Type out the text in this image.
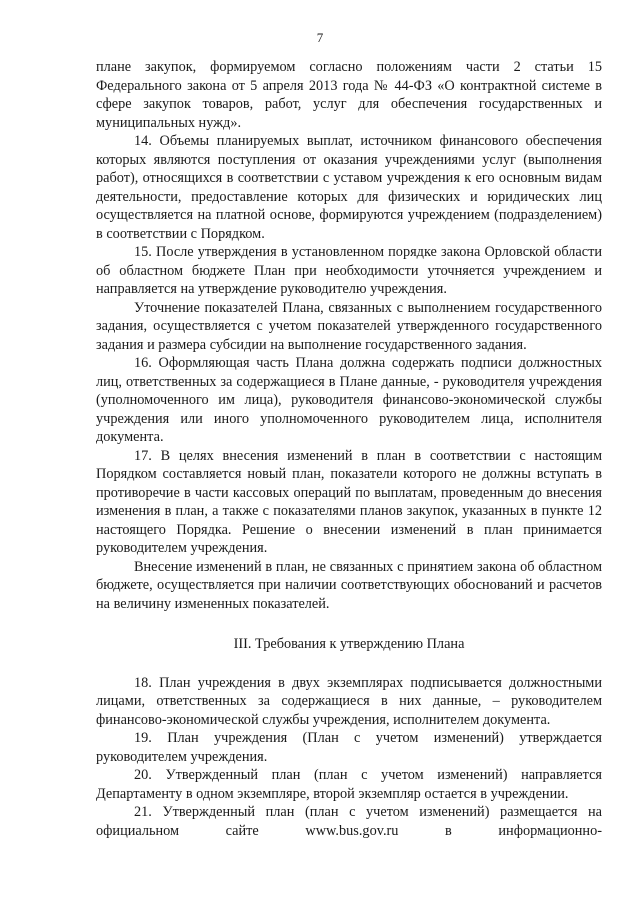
7

плане закупок, формируемом согласно положениям части 2 статьи 15 Федерального закона от 5 апреля 2013 года № 44-ФЗ «О контрактной системе в сфере закупок товаров, работ, услуг для обеспечения государственных и муниципальных нужд».

14. Объемы планируемых выплат, источником финансового обеспечения которых являются поступления от оказания учреждениями услуг (выполнения работ), относящихся в соответствии с уставом учреждения к его основным видам деятельности, предоставление которых для физических и юридических лиц осуществляется на платной основе, формируются учреждением (подразделением) в соответствии с Порядком.

15. После утверждения в установленном порядке закона Орловской области об областном бюджете План при необходимости уточняется учреждением и направляется на утверждение руководителю учреждения.

Уточнение показателей Плана, связанных с выполнением государственного задания, осуществляется с учетом показателей утвержденного государственного задания и размера субсидии на выполнение государственного задания.

16. Оформляющая часть Плана должна содержать подписи должностных лиц, ответственных за содержащиеся в Плане данные, - руководителя учреждения (уполномоченного им лица), руководителя финансово-экономической службы учреждения или иного уполномоченного руководителем лица, исполнителя документа.

17. В целях внесения изменений в план в соответствии с настоящим Порядком составляется новый план, показатели которого не должны вступать в противоречие в части кассовых операций по выплатам, проведенным до внесения изменения в план, а также с показателями планов закупок, указанных в пункте 12 настоящего Порядка. Решение о внесении изменений в план принимается руководителем учреждения.

Внесение изменений в план, не связанных с принятием закона об областном бюджете, осуществляется при наличии соответствующих обоснований и расчетов на величину измененных показателей.

III. Требования к утверждению Плана

18. План учреждения в двух экземплярах подписывается должностными лицами, ответственных за содержащиеся в них данные, – руководителем финансово-экономической службы учреждения, исполнителем документа.

19. План учреждения (План с учетом изменений) утверждается руководителем учреждения.

20. Утвержденный план (план с учетом изменений) направляется Департаменту в одном экземпляре, второй экземпляр остается в учреждении.

21. Утвержденный план (план с учетом изменений) размещается на официальном сайте www.bus.gov.ru в информационно-
